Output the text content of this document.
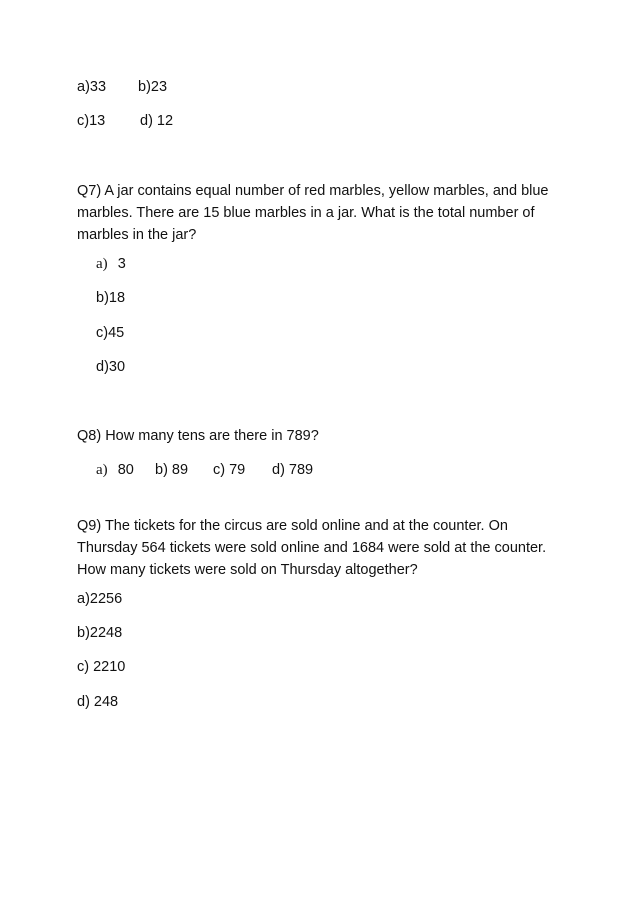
a)33 b)23
c)13 d) 12
Q7) A jar contains equal number of red marbles, yellow marbles, and blue marbles. There are 15 blue marbles in a jar. What is the total number of marbles in the jar?
a) 3
b)18
c)45
d)30
Q8) How many tens are there in 789?
a) 80 b) 89 c) 79 d) 789
Q9) The tickets for the circus are sold online and at the counter. On Thursday 564 tickets were sold online and 1684 were sold at the counter. How many tickets were sold on Thursday altogether?
a)2256
b)2248
c) 2210
d) 248
